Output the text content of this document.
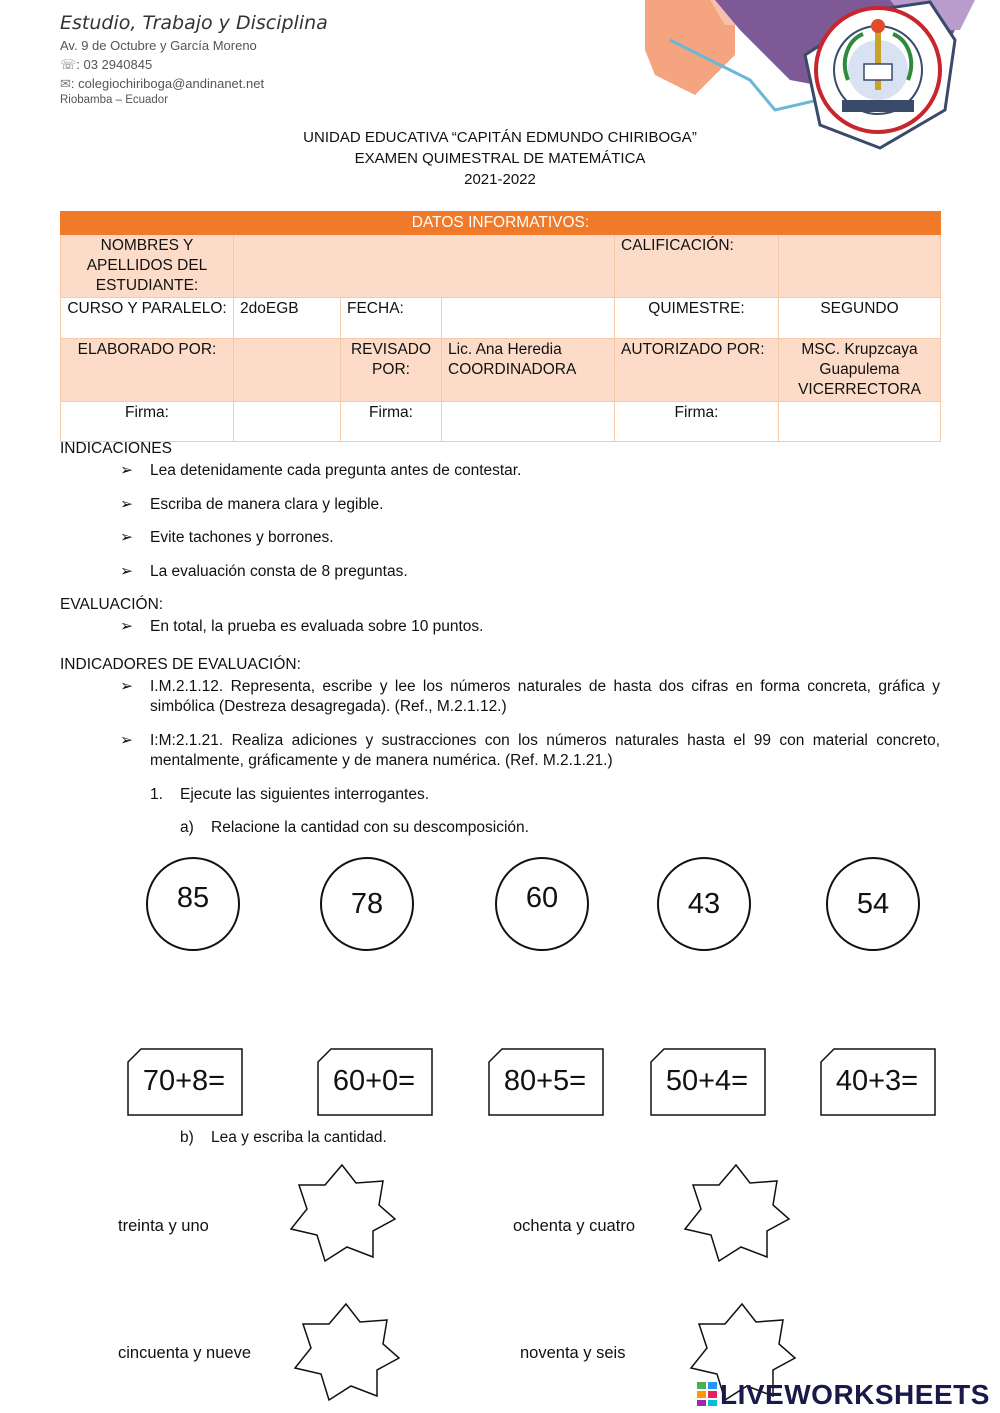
Estudio, Trabajo y Disciplina
Av. 9 de Octubre y García Moreno
☏: 03 2940845
✉: colegiochiriboga@andinanet.net
Riobamba – Ecuador
UNIDAD EDUCATIVA “CAPITÁN EDMUNDO CHIRIBOGA”
EXAMEN QUIMESTRAL DE MATEMÁTICA
2021-2022
DATOS INFORMATIVOS:					
NOMBRES Y APELLIDOS DEL ESTUDIANTE:				CALIFICACIÓN:	
CURSO Y PARALELO:	2doEGB	FECHA:		QUIMESTRE:	SEGUNDO
ELABORADO POR:		REVISADO POR:	Lic. Ana Heredia COORDINADORA	AUTORIZADO POR:	MSC. Krupzcaya Guapulema VICERRECTORA
Firma:		Firma:		Firma:	
INDICACIONES
➢ Lea detenidamente cada pregunta antes de contestar.
➢ Escriba de manera clara y legible.
➢ Evite tachones y borrones.
➢ La evaluación consta de 8 preguntas.
EVALUACIÓN:
➢ En total, la prueba es evaluada sobre 10 puntos.
INDICADORES DE EVALUACIÓN:
➢ I.M.2.1.12. Representa, escribe y lee los números naturales de hasta dos cifras en forma concreta, gráfica y simbólica (Destreza desagregada). (Ref., M.2.1.12.)
➢ I:M:2.1.21. Realiza adiciones y sustracciones con los números naturales hasta el 99 con material concreto, mentalmente, gráficamente y de manera numérica. (Ref. M.2.1.21.)
1. Ejecute las siguientes interrogantes.
a) Relacione la cantidad con su descomposición.
85	78	60	43	54
70+8=	60+0=	80+5=	50+4=	40+3=
b) Lea y escriba la cantidad.
treinta y uno	ochenta y cuatro
cincuenta y nueve	noventa y seis
LIVEWORKSHEETS
